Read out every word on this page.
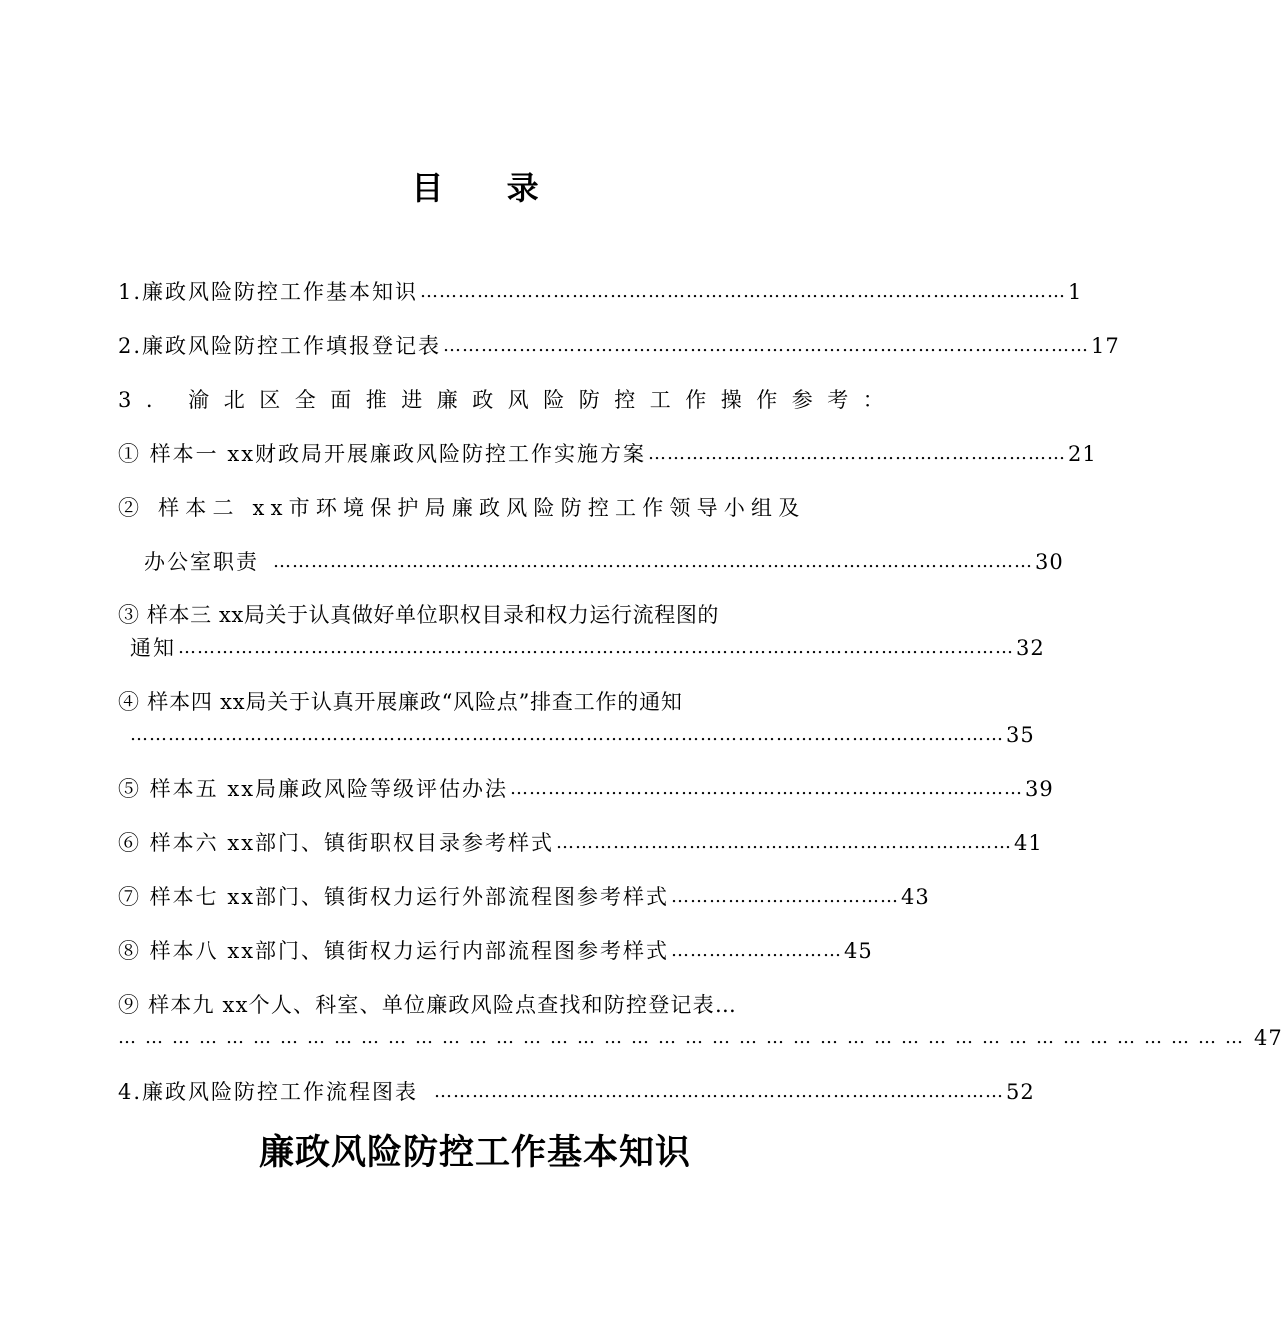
目 录
1.廉政风险防控工作基本知识 ………………………………………………………………………………………… 1
2.廉政风险防控工作填报登记表 ………………………………………………………………………………………… 17
3. 渝北区全面推进廉政风险防控工作操作参考：
① 样本一 xx财政局开展廉政风险防控工作实施方案 ………………………………………………………… 21
② 样本二 xx市环境保护局廉政风险防控工作领导小组及
办公室职责 ………………………………………………………………………………………………………… 30
③ 样本三 xx局关于认真做好单位职权目录和权力运行流程图的
通知 …………………………………………………………………………………………………………………… 32
④ 样本四 xx局关于认真开展廉政“风险点”排查工作的通知
………………………………………………………………………………………………………………………… 35
⑤ 样本五 xx局廉政风险等级评估办法 ……………………………………………………………………… 39
⑥ 样本六 xx部门、镇街职权目录参考样式 ……………………………………………………………… 41
⑦ 样本七 xx部门、镇街权力运行外部流程图参考样式 ……………………………… 43
⑧ 样本八 xx部门、镇街权力运行内部流程图参考样式 ……………………… 45
⑨ 样本九 xx个人、科室、单位廉政风险点查找和防控登记表…
……………………………………………………………………………………………………………… 47
4.廉政风险防控工作流程图表 ……………………………………………………………………………… 52
廉政风险防控工作基本知识
